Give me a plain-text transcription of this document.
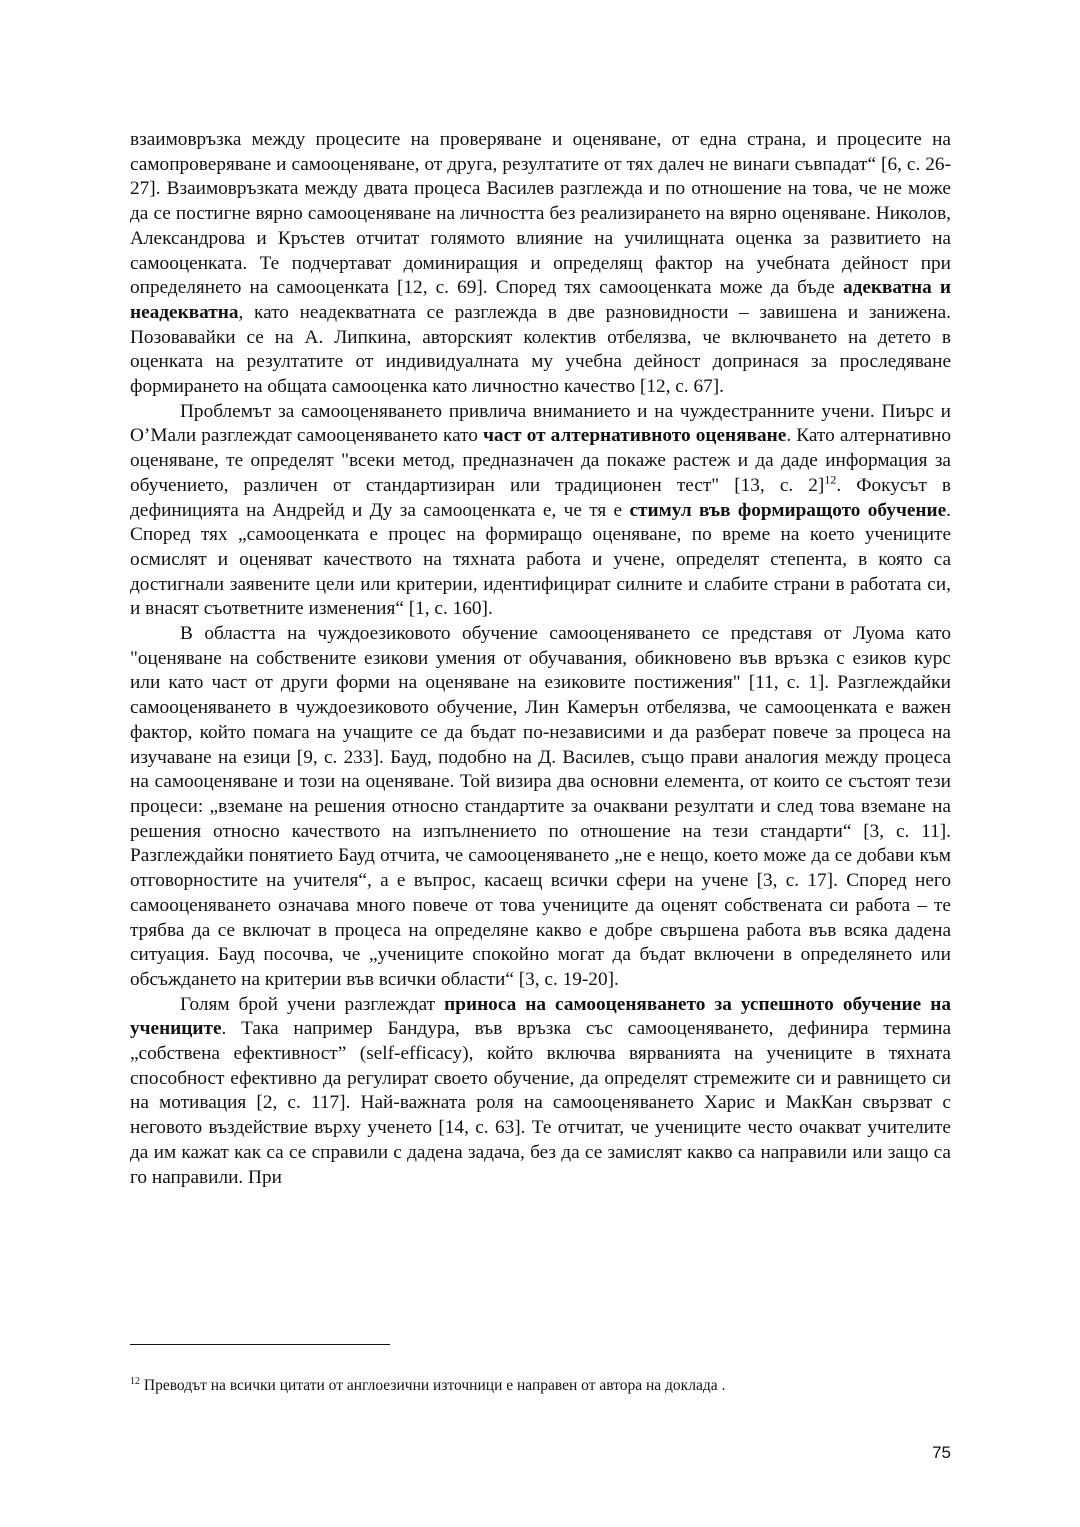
взаимовръзка между процесите на проверяване и оценяване, от една страна, и процесите на самопроверяване и самооценяване, от друга, резултатите от тях далеч не винаги съвпадат“ [6, с. 26-27]. Взаимовръзката между двата процеса Василев разглежда и по отношение на това, че не може да се постигне вярно самооценяване на личността без реализирането на вярно оценяване. Николов, Александрова и Кръстев отчитат голямото влияние на училищната оценка за развитието на самооценката. Те подчертават доминиращия и определящ фактор на учебната дейност при определянето на самооценката [12, с. 69]. Според тях самооценката може да бъде адекватна и неадекватна, като неадекватната се разглежда в две разновидности – завишена и занижена. Позовавайки се на А. Липкина, авторският колектив отбелязва, че включването на детето в оценката на резултатите от индивидуалната му учебна дейност допринася за проследяване формирането на общата самооценка като личностно качество [12, с. 67].

Проблемът за самооценяването привлича вниманието и на чуждестранните учени. Пиърс и О’Мали разглеждат самооценяването като част от алтернативното оценяване. Като алтернативно оценяване, те определят "всеки метод, предназначен да покаже растеж и да даде информация за обучението, различен от стандартизиран или традиционен тест" [13, с. 2]$^{12}$. Фокусът в дефиницията на Андрейд и Ду за самооценката е, че тя е стимул във формиращото обучение. Според тях „самооценката е процес на формиращо оценяване, по време на което учениците осмислят и оценяват качеството на тяхната работа и учене, определят степента, в която са достигнали заявените цели или критерии, идентифицират силните и слабите страни в работата си, и внасят съответните изменения“ [1, с. 160].

В областта на чуждоезиковото обучение самооценяването се представя от Луома като "оценяване на собствените езикови умения от обучавания, обикновено във връзка с езиков курс или като част от други форми на оценяване на езиковите постижения" [11, с. 1]. Разглеждайки самооценяването в чуждоезиковото обучение, Лин Камерън отбелязва, че самооценката е важен фактор, който помага на учащите се да бъдат по-независими и да разберат повече за процеса на изучаване на езици [9, с. 233]. Бауд, подобно на Д. Василев, също прави аналогия между процеса на самооценяване и този на оценяване. Той визира два основни елемента, от които се състоят тези процеси: „вземане на решения относно стандартите за очаквани резултати и след това вземане на решения относно качеството на изпълнението по отношение на тези стандарти“ [3, с. 11]. Разглеждайки понятието Бауд отчита, че самооценяването „не е нещо, което може да се добави към отговорностите на учителя“, а е въпрос, касаещ всички сфери на учене [3, с. 17]. Според него самооценяването означава много повече от това учениците да оценят собствената си работа – те трябва да се включат в процеса на определяне какво е добре свършена работа във всяка дадена ситуация. Бауд посочва, че „учениците спокойно могат да бъдат включени в определянето или обсъждането на критерии във всички области“ [3, с. 19-20].

Голям брой учени разглеждат приноса на самооценяването за успешното обучение на учениците. Така например Бандура, във връзка със самооценяването, дефинира термина „собствена ефективност” (self-efficacy), който включва вярванията на учениците в тяхната способност ефективно да регулират своето обучение, да определят стремежите си и равнището си на мотивация [2, с. 117]. Най-важната роля на самооценяването Харис и МакКан свързват с неговото въздействие върху ученето [14, с. 63]. Те отчитат, че учениците често очакват учителите да им кажат как са се справили с дадена задача, без да се замислят какво са направили или защо са го направили. При

$^{12}$ Преводът на всички цитати от англоезични източници е направен от автора на доклада .
75
